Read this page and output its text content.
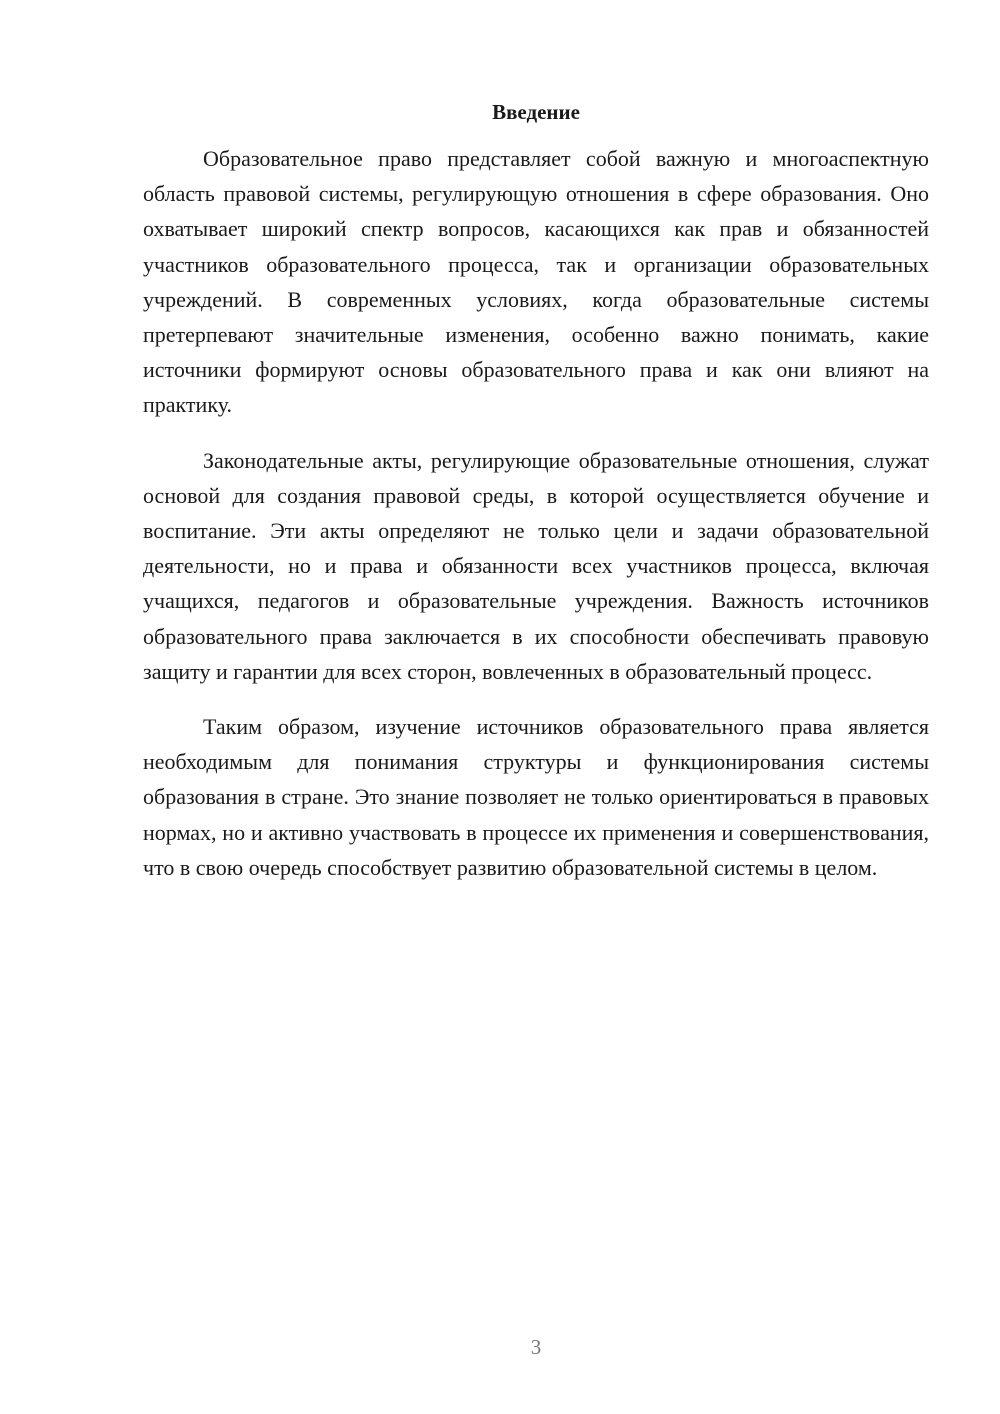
Введение

Образовательное право представляет собой важную и многоаспектную область правовой системы, регулирующую отношения в сфере образования. Оно охватывает широкий спектр вопросов, касающихся как прав и обязанностей участников образовательного процесса, так и организации образовательных учреждений. В современных условиях, когда образовательные системы претерпевают значительные изменения, особенно важно понимать, какие источники формируют основы образовательного права и как они влияют на практику.

Законодательные акты, регулирующие образовательные отношения, служат основой для создания правовой среды, в которой осуществляется обучение и воспитание. Эти акты определяют не только цели и задачи образовательной деятельности, но и права и обязанности всех участников процесса, включая учащихся, педагогов и образовательные учреждения. Важность источников образовательного права заключается в их способности обеспечивать правовую защиту и гарантии для всех сторон, вовлеченных в образовательный процесс.

Таким образом, изучение источников образовательного права является необходимым для понимания структуры и функционирования системы образования в стране. Это знание позволяет не только ориентироваться в правовых нормах, но и активно участвовать в процессе их применения и совершенствования, что в свою очередь способствует развитию образовательной системы в целом.

3
